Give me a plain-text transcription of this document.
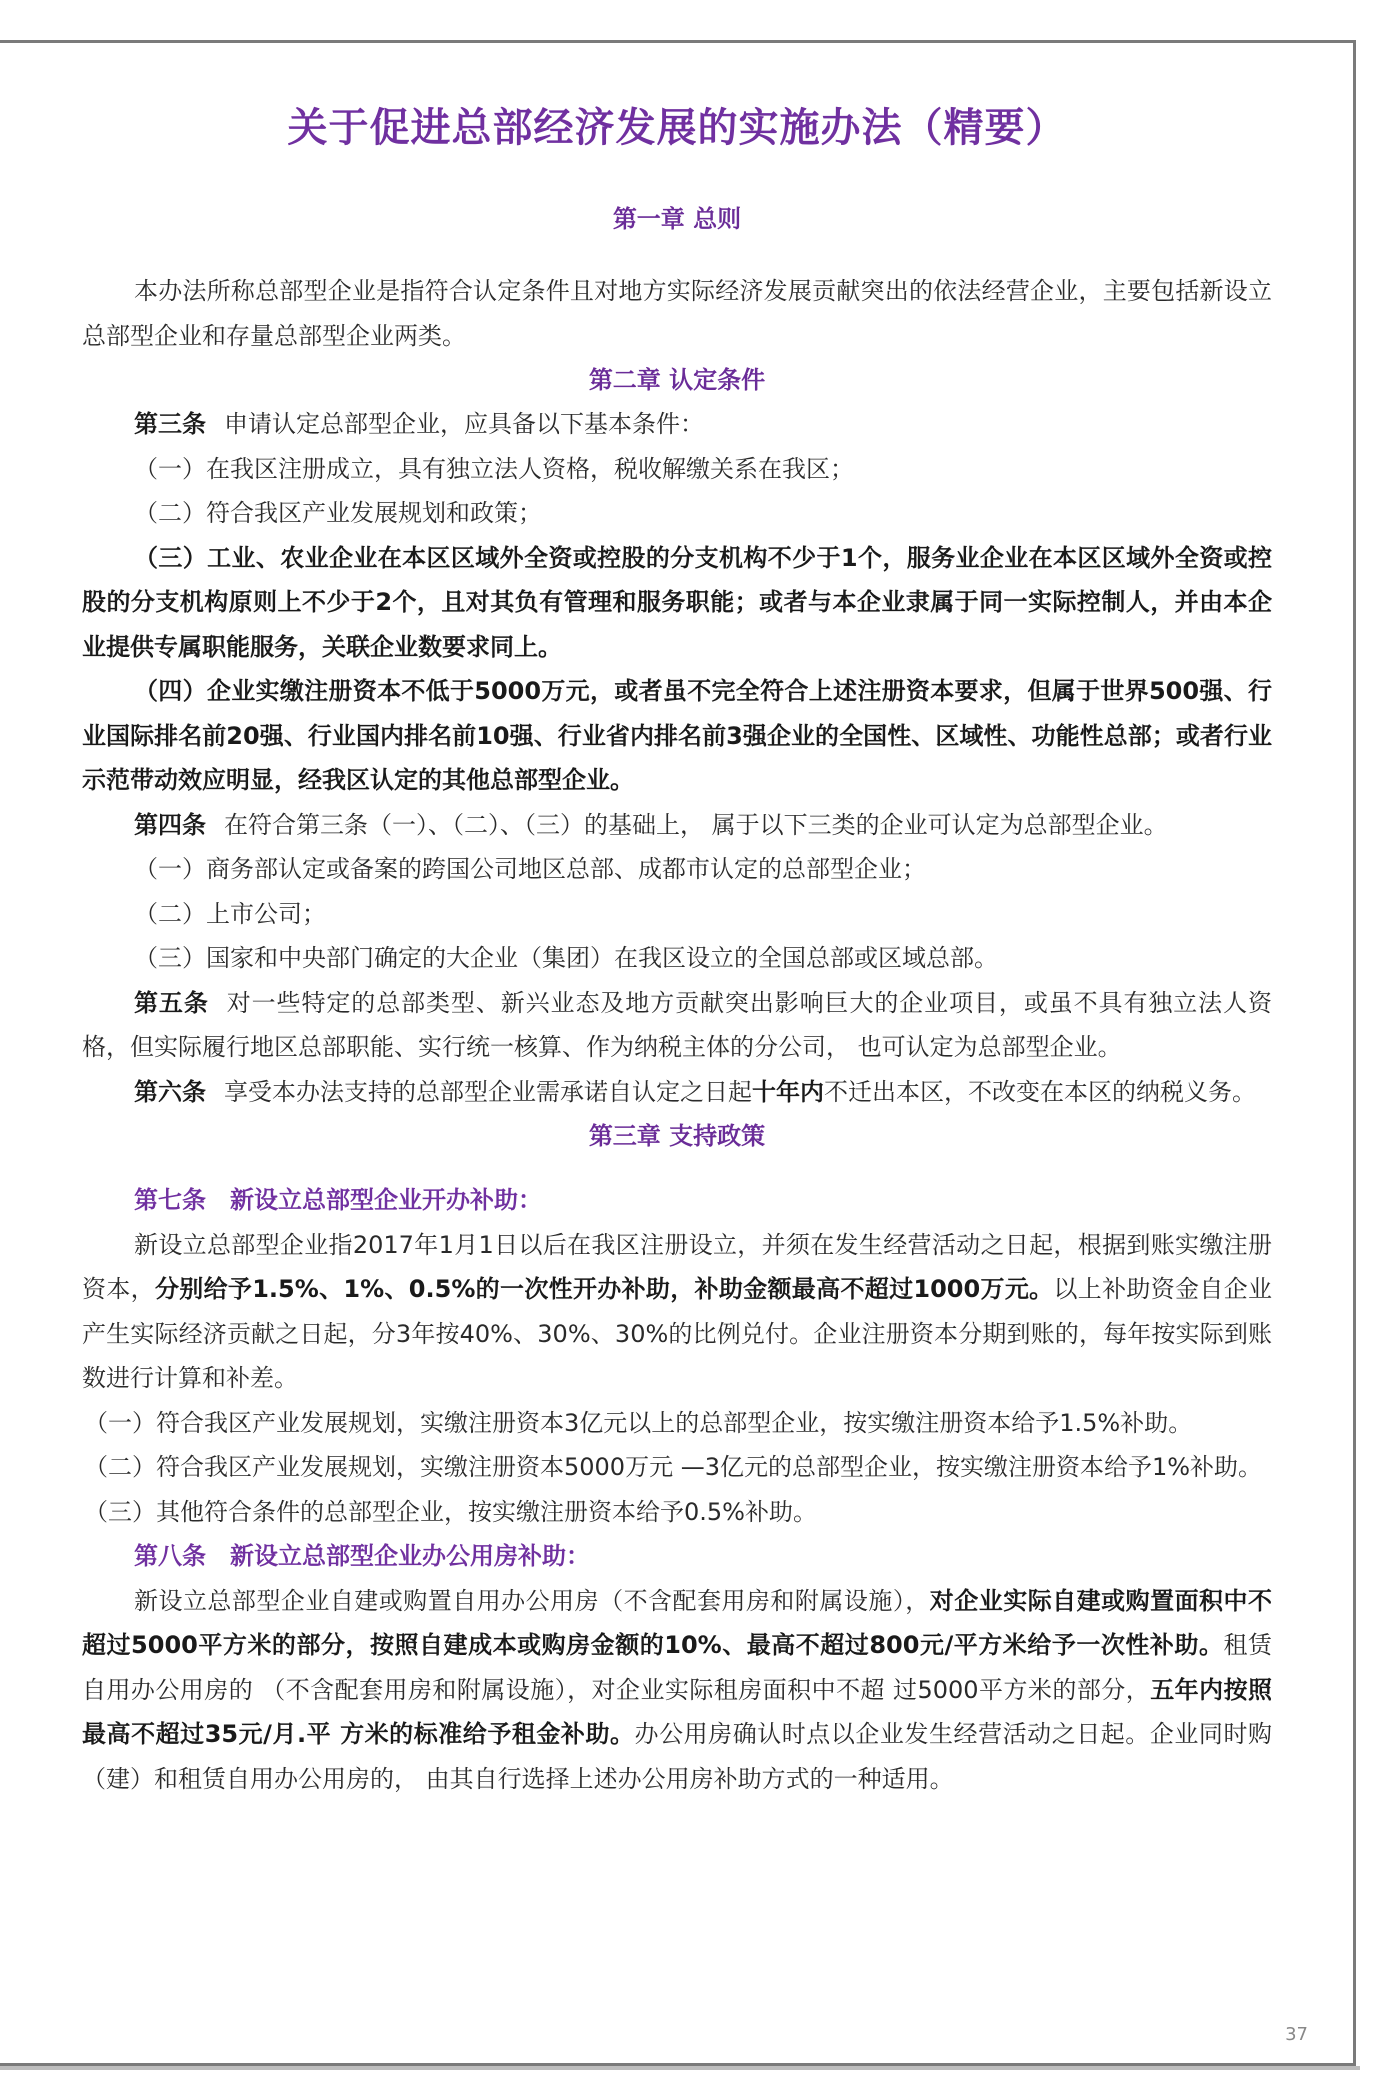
关于促进总部经济发展的实施办法（精要）
第一章 总则

本办法所称总部型企业是指符合认定条件且对地方实际经济发展贡献突出的依法经营企业，主要包括新设立总部型企业和存量总部型企业两类。

第二章 认定条件

第三条 申请认定总部型企业，应具备以下基本条件：

（一）在我区注册成立，具有独立法人资格，税收解缴关系在我区；

（二）符合我区产业发展规划和政策；

（三）工业、农业企业在本区区域外全资或控股的分支机构不少于1个，服务业企业在本区区域外全资或控股的分支机构原则上不少于2个，且对其负有管理和服务职能；或者与本企业隶属于同一实际控制人，并由本企业提供专属职能服务，关联企业数要求同上。

（四）企业实缴注册资本不低于5000万元，或者虽不完全符合上述注册资本要求，但属于世界500强、行业国际排名前20强、行业国内排名前10强、行业省内排名前3强企业的全国性、区域性、功能性总部；或者行业示范带动效应明显，经我区认定的其他总部型企业。

第四条 在符合第三条（一）、（二）、（三）的基础上， 属于以下三类的企业可认定为总部型企业。

（一）商务部认定或备案的跨国公司地区总部、成都市认定的总部型企业；

（二）上市公司；

（三）国家和中央部门确定的大企业（集团）在我区设立的全国总部或区域总部。

第五条 对一些特定的总部类型、新兴业态及地方贡献突出影响巨大的企业项目，或虽不具有独立法人资格，但实际履行地区总部职能、实行统一核算、作为纳税主体的分公司， 也可认定为总部型企业。

第六条 享受本办法支持的总部型企业需承诺自认定之日起十年内不迁出本区，不改变在本区的纳税义务。

第三章 支持政策

第七条　新设立总部型企业开办补助：

新设立总部型企业指2017年1月1日以后在我区注册设立，并须在发生经营活动之日起，根据到账实缴注册资本，分别给予1.5%、1%、0.5%的一次性开办补助，补助金额最高不超过1000万元。以上补助资金自企业产生实际经济贡献之日起，分3年按40%、30%、30%的比例兑付。企业注册资本分期到账的，每年按实际到账数进行计算和补差。

（一）符合我区产业发展规划，实缴注册资本3亿元以上的总部型企业，按实缴注册资本给予1.5%补助。

（二）符合我区产业发展规划，实缴注册资本5000万元 —3亿元的总部型企业，按实缴注册资本给予1%补助。

（三）其他符合条件的总部型企业，按实缴注册资本给予0.5%补助。

第八条　新设立总部型企业办公用房补助：

新设立总部型企业自建或购置自用办公用房（不含配套用房和附属设施），对企业实际自建或购置面积中不超过5000平方米的部分，按照自建成本或购房金额的10%、最高不超过800元/平方米给予一次性补助。租赁自用办公用房的 （不含配套用房和附属设施），对企业实际租房面积中不超 过5000平方米的部分，五年内按照最高不超过35元/月.平 方米的标准给予租金补助。办公用房确认时点以企业发生经营活动之日起。企业同时购（建）和租赁自用办公用房的， 由其自行选择上述办公用房补助方式的一种适用。

37
